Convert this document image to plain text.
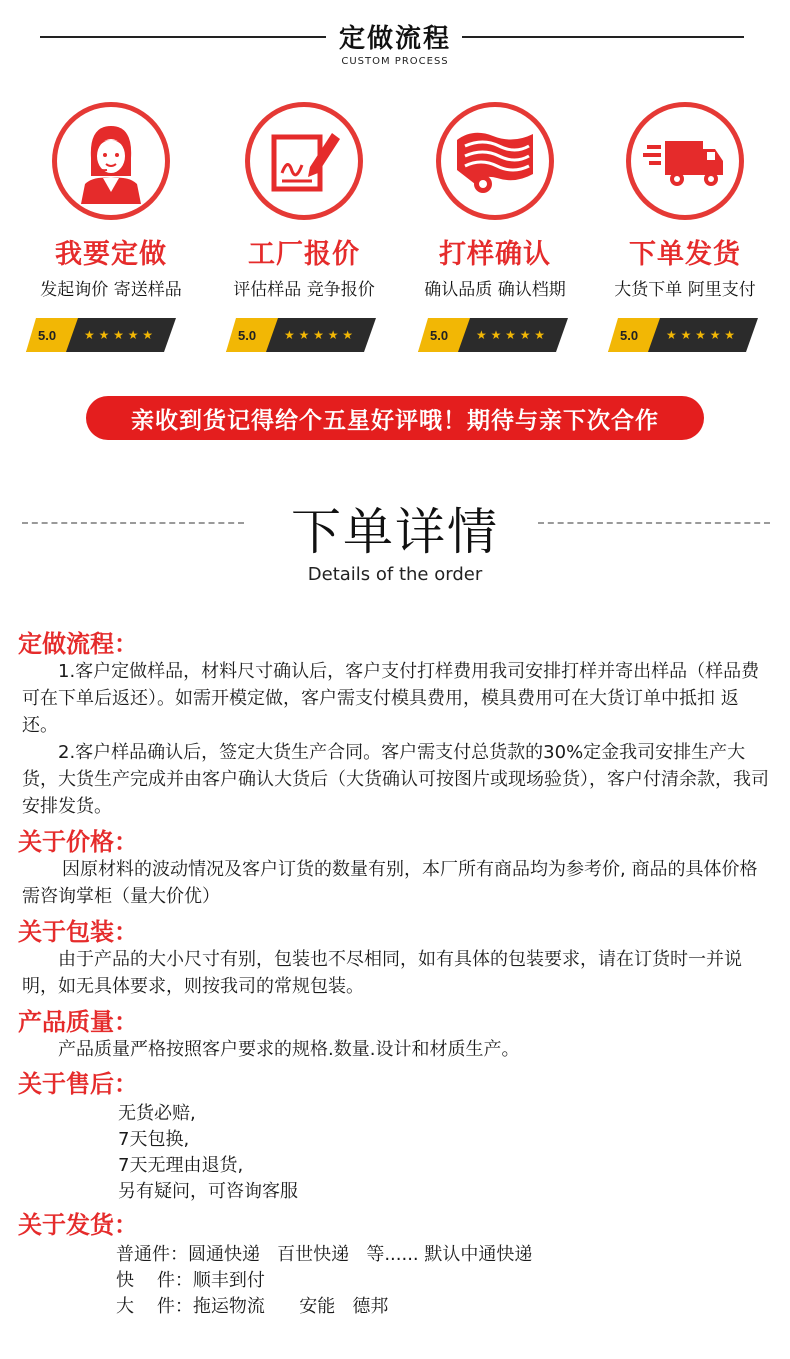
定做流程
CUSTOM PROCESS
我要定做
发起询价 寄送样品
工厂报价
评估样品 竞争报价
打样确认
确认品质 确认档期
下单发货
大货下单 阿里支付
5.0 ★ ★ ★ ★ ★	5.0 ★ ★ ★ ★ ★	5.0 ★ ★ ★ ★ ★	5.0 ★ ★ ★ ★ ★
亲收到货记得给个五星好评哦！期待与亲下次合作
下单详情
Details of the order
定做流程：
1.客户定做样品，材料尺寸确认后，客户支付打样费用我司安排打样并寄出样品（样品费可在下单后返还）。如需开模定做，客户需支付模具费用，模具费用可在大货订单中抵扣 返还。
2.客户样品确认后，签定大货生产合同。客户需支付总货款的30%定金我司安排生产大货，大货生产完成并由客户确认大货后（大货确认可按图片或现场验货），客户付清余款，我司安排发货。
关于价格：
因原材料的波动情况及客户订货的数量有别，本厂所有商品均为参考价, 商品的具体价格需咨询掌柜（量大价优）
关于包装：
由于产品的大小尺寸有别，包装也不尽相同，如有具体的包装要求，请在订货时一并说明，如无具体要求，则按我司的常规包装。
产品质量：
产品质量严格按照客户要求的规格.数量.设计和材质生产。
关于售后：
无货必赔,
7天包换,
7天无理由退货,
另有疑问，可咨询客服
关于发货：
普通件：圆通快递   百世快递   等...... 默认中通快递
快    件：顺丰到付
大    件：拖运物流      安能   德邦
